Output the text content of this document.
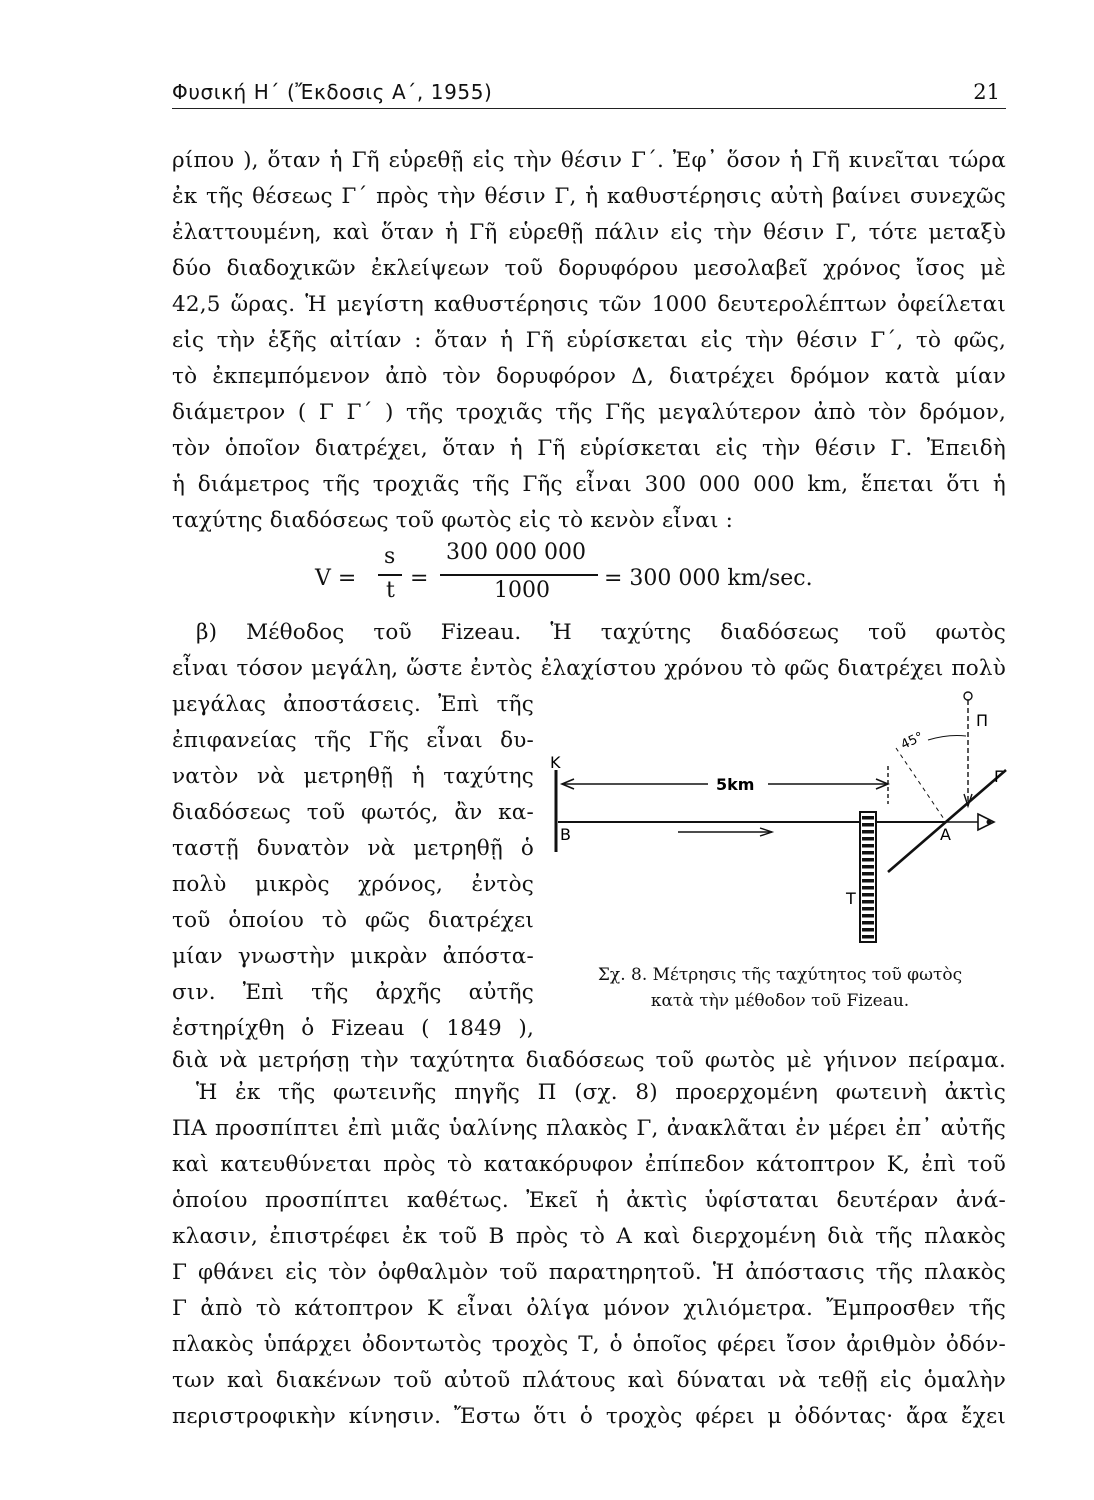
Φυσική Η΄ (Ἔκδοσις Α΄, 1955)	21
ρίπου ), ὅταν ἡ Γῆ εὑρεθῇ εἰς τὴν θέσιν Γ΄. Ἐφ᾽ ὅσον ἡ Γῆ κινεῖται τώρα
ἐκ τῆς θέσεως Γ΄ πρὸς τὴν θέσιν Γ, ἡ καθυστέρησις αὐτὴ βαίνει συνεχῶς
ἐλαττουμένη, καὶ ὅταν ἡ Γῆ εὑρεθῇ πάλιν εἰς τὴν θέσιν Γ, τότε μεταξὺ
δύο διαδοχικῶν ἐκλείψεων τοῦ δορυφόρου μεσολαβεῖ χρόνος ἴσος μὲ
42,5 ὥρας. Ἡ μεγίστη καθυστέρησις τῶν 1000 δευτερολέπτων ὀφείλεται
εἰς τὴν ἑξῆς αἰτίαν : ὅταν ἡ Γῆ εὑρίσκεται εἰς τὴν θέσιν Γ΄, τὸ φῶς,
τὸ ἐκπεμπόμενον ἀπὸ τὸν δορυφόρον Δ, διατρέχει δρόμον κατὰ μίαν
διάμετρον ( Γ Γ΄ ) τῆς τροχιᾶς τῆς Γῆς μεγαλύτερον ἀπὸ τὸν δρόμον,
τὸν ὁποῖον διατρέχει, ὅταν ἡ Γῆ εὑρίσκεται εἰς τὴν θέσιν Γ. Ἐπειδὴ
ἡ διάμετρος τῆς τροχιᾶς τῆς Γῆς εἶναι 300 000 000 km, ἕπεται ὅτι ἡ
ταχύτης διαδόσεως τοῦ φωτὸς εἰς τὸ κενὸν εἶναι :
V =
s
t =
300 000 000
1000 = 300 000 km/sec.
β) Μέθοδος τοῦ Fizeau. Ἡ ταχύτης διαδόσεως τοῦ φωτὸς
εἶναι τόσον μεγάλη, ὥστε ἐντὸς ἐλαχίστου χρόνου τὸ φῶς διατρέχει πολὺ
μεγάλας ἀποστάσεις. Ἐπὶ τῆς
ἐπιφανείας τῆς Γῆς εἶναι δυ-
νατὸν νὰ μετρηθῇ ἡ ταχύτης
διαδόσεως τοῦ φωτός, ἂν κα-
ταστῇ δυνατὸν νὰ μετρηθῇ ὁ
πολὺ μικρὸς χρόνος, ἐντὸς
τοῦ ὁποίου τὸ φῶς διατρέχει
μίαν γνωστὴν μικρὰν ἀπόστα-
σιν. Ἐπὶ τῆς ἀρχῆς αὐτῆς
ἐστηρίχθη ὁ Fizeau ( 1849 ),
διὰ νὰ μετρήσῃ τὴν ταχύτητα διαδόσεως τοῦ φωτὸς μὲ γήινον πείραμα.
K
B
5km
T
Π
45°
Γ
A
Σχ. 8. Μέτρησις τῆς ταχύτητος τοῦ φωτὸς
κατὰ τὴν μέθοδον τοῦ Fizeau.
Ἡ ἐκ τῆς φωτεινῆς πηγῆς Π (σχ. 8) προερχομένη φωτεινὴ ἀκτὶς
ΠΑ προσπίπτει ἐπὶ μιᾶς ὑαλίνης πλακὸς Γ, ἀνακλᾶται ἐν μέρει ἐπ᾽ αὐτῆς
καὶ κατευθύνεται πρὸς τὸ κατακόρυφον ἐπίπεδον κάτοπτρον Κ, ἐπὶ τοῦ
ὁποίου προσπίπτει καθέτως. Ἐκεῖ ἡ ἀκτὶς ὑφίσταται δευτέραν ἀνά-
κλασιν, ἐπιστρέφει ἐκ τοῦ Β πρὸς τὸ Α καὶ διερχομένη διὰ τῆς πλακὸς
Γ φθάνει εἰς τὸν ὀφθαλμὸν τοῦ παρατηρητοῦ. Ἡ ἀπόστασις τῆς πλακὸς
Γ ἀπὸ τὸ κάτοπτρον Κ εἶναι ὀλίγα μόνον χιλιόμετρα. Ἔμπροσθεν τῆς
πλακὸς ὑπάρχει ὀδοντωτὸς τροχὸς Τ, ὁ ὁποῖος φέρει ἴσον ἀριθμὸν ὀδόν-
των καὶ διακένων τοῦ αὐτοῦ πλάτους καὶ δύναται νὰ τεθῇ εἰς ὁμαλὴν
περιστροφικὴν κίνησιν. Ἔστω ὅτι ὁ τροχὸς φέρει μ ὀδόντας· ἄρα ἔχει
